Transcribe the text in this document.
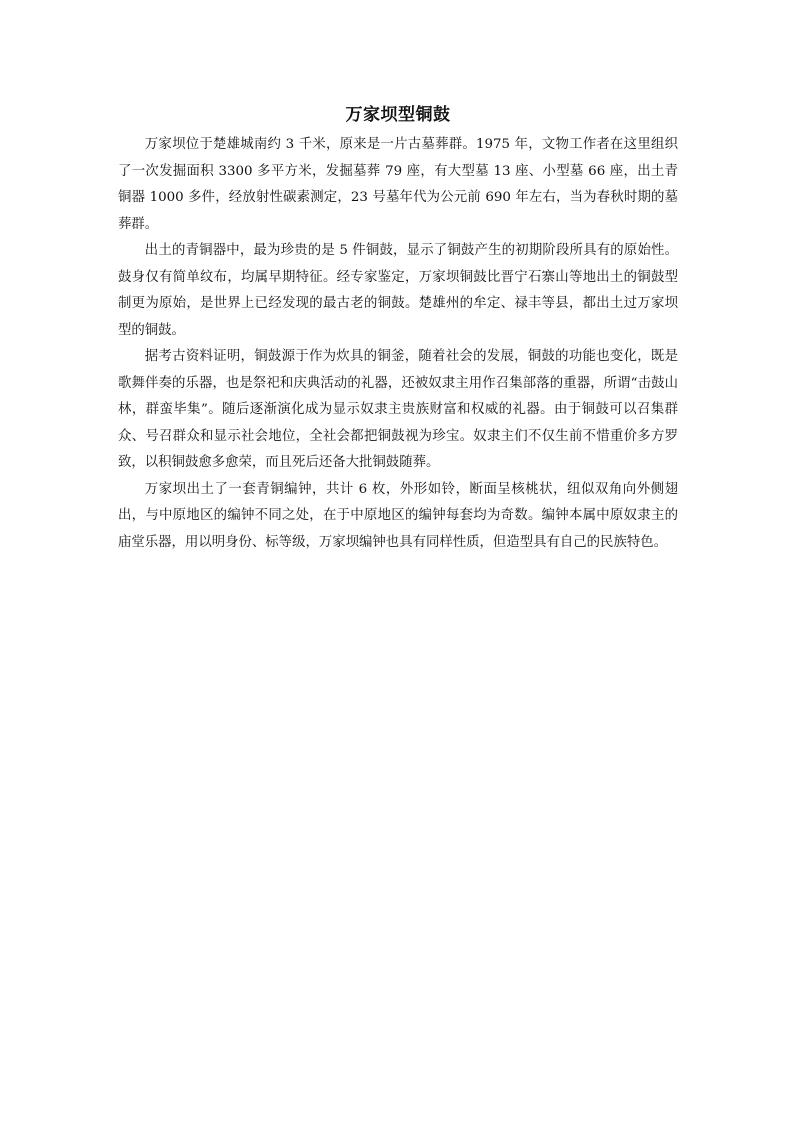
万家坝型铜鼓

万家坝位于楚雄城南约 3 千米，原来是一片古墓葬群。1975 年，文物工作者在这里组织了一次发掘面积 3300 多平方米，发掘墓葬 79 座，有大型墓 13 座、小型墓 66 座，出土青铜器 1000 多件，经放射性碳素测定，23 号墓年代为公元前 690 年左右，当为春秋时期的墓葬群。

出土的青铜器中，最为珍贵的是 5 件铜鼓，显示了铜鼓产生的初期阶段所具有的原始性。鼓身仅有简单纹布，均属早期特征。经专家鉴定，万家坝铜鼓比晋宁石寨山等地出土的铜鼓型制更为原始，是世界上已经发现的最古老的铜鼓。楚雄州的牟定、禄丰等县，都出土过万家坝型的铜鼓。

据考古资料证明，铜鼓源于作为炊具的铜釜，随着社会的发展，铜鼓的功能也变化，既是歌舞伴奏的乐器，也是祭祀和庆典活动的礼器，还被奴隶主用作召集部落的重器，所谓“击鼓山林，群蛮毕集”。随后逐渐演化成为显示奴隶主贵族财富和权威的礼器。由于铜鼓可以召集群众、号召群众和显示社会地位，全社会都把铜鼓视为珍宝。奴隶主们不仅生前不惜重价多方罗致，以积铜鼓愈多愈荣，而且死后还备大批铜鼓随葬。

万家坝出土了一套青铜编钟，共计 6 枚，外形如铃，断面呈核桃状，纽似双角向外侧翅出，与中原地区的编钟不同之处，在于中原地区的编钟每套均为奇数。编钟本属中原奴隶主的庙堂乐器，用以明身份、标等级，万家坝编钟也具有同样性质，但造型具有自己的民族特色。
